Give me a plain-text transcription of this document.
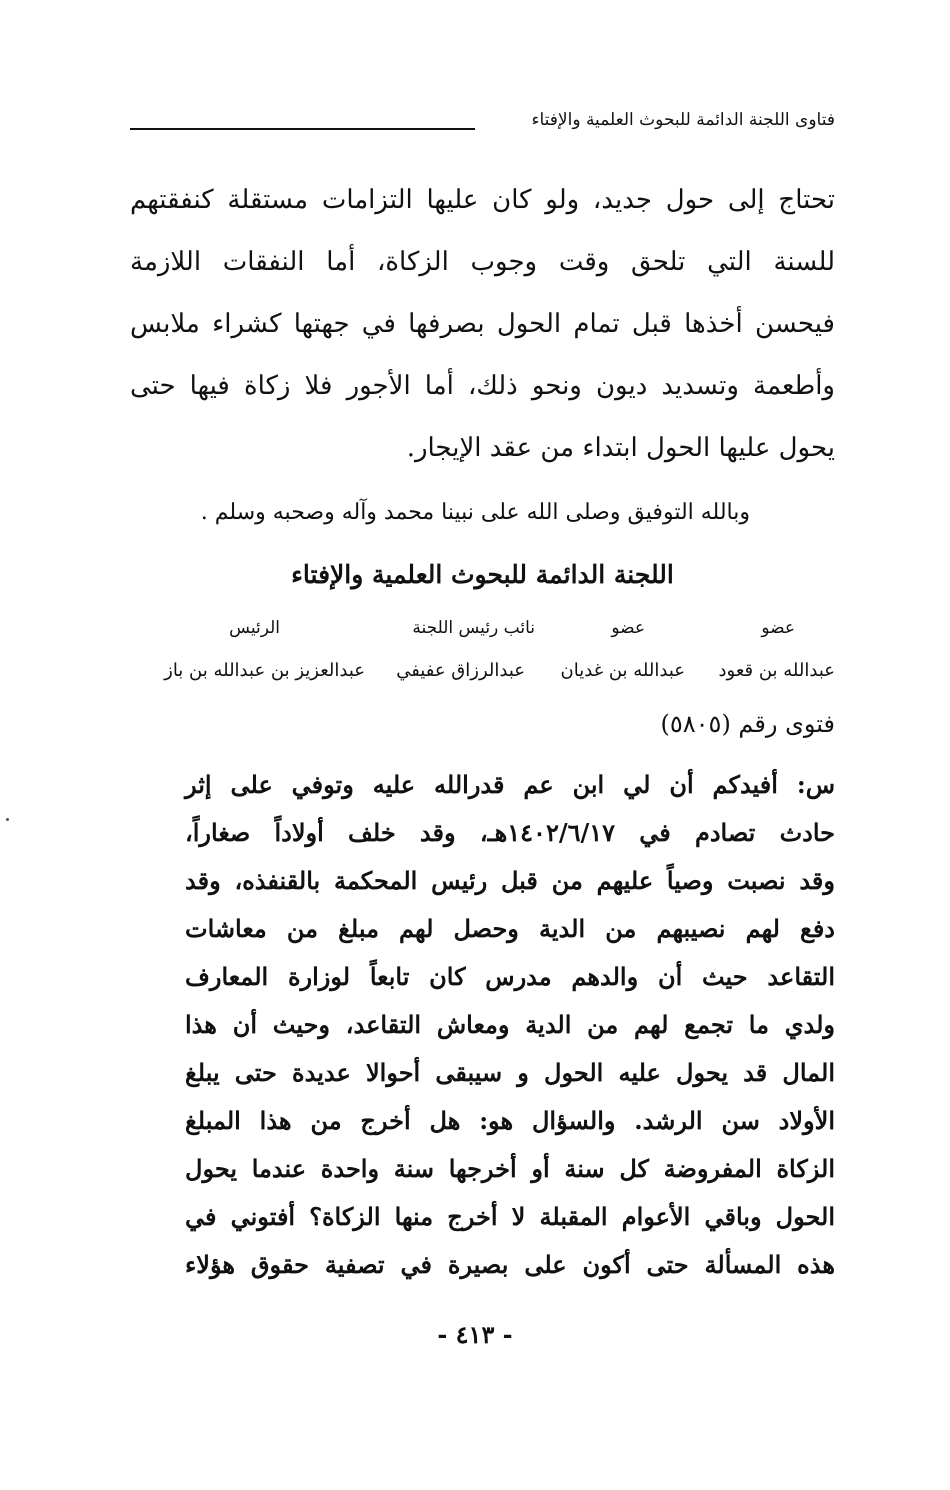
فتاوى اللجنة الدائمة للبحوث العلمية والإفتاء
تحتاج إلى حول جديد، ولو كان عليها التزامات مستقلة كنفقتهم
للسنة التي تلحق وقت وجوب الزكاة، أما النفقات اللازمة
فيحسن أخذها قبل تمام الحول بصرفها في جهتها كشراء ملابس
وأطعمة وتسديد ديون ونحو ذلك، أما الأجور فلا زكاة فيها حتى
يحول عليها الحول ابتداء من عقد الإيجار.
وبالله التوفيق وصلى الله على نبينا محمد وآله وصحبه وسلم .
اللجنة الدائمة للبحوث العلمية والإفتاء
عضو
عضو
نائب رئيس اللجنة
الرئيس
عبدالله بن قعود
عبدالله بن غديان
عبدالرزاق عفيفي
عبدالعزيز بن عبدالله بن باز
فتوى رقم (٥٨٠٥)
س: أفيدكم أن لي ابن عم قدرالله عليه وتوفي على إثر
حادث تصادم في ١٤٠٢/٦/١٧هـ، وقد خلف أولاداً صغاراً،
وقد نصبت وصياً عليهم من قبل رئيس المحكمة بالقنفذه، وقد
دفع لهم نصيبهم من الدية وحصل لهم مبلغ من معاشات
التقاعد حيث أن والدهم مدرس كان تابعاً لوزارة المعارف
ولدي ما تجمع لهم من الدية ومعاش التقاعد، وحيث أن هذا
المال قد يحول عليه الحول و سيبقى أحوالا عديدة حتى يبلغ
الأولاد سن الرشد. والسؤال هو: هل أخرج من هذا المبلغ
الزكاة المفروضة كل سنة أو أخرجها سنة واحدة عندما يحول
الحول وباقي الأعوام المقبلة لا أخرج منها الزكاة؟ أفتوني في
هذه المسألة حتى أكون على بصيرة في تصفية حقوق هؤلاء
- ٤١٣ -
